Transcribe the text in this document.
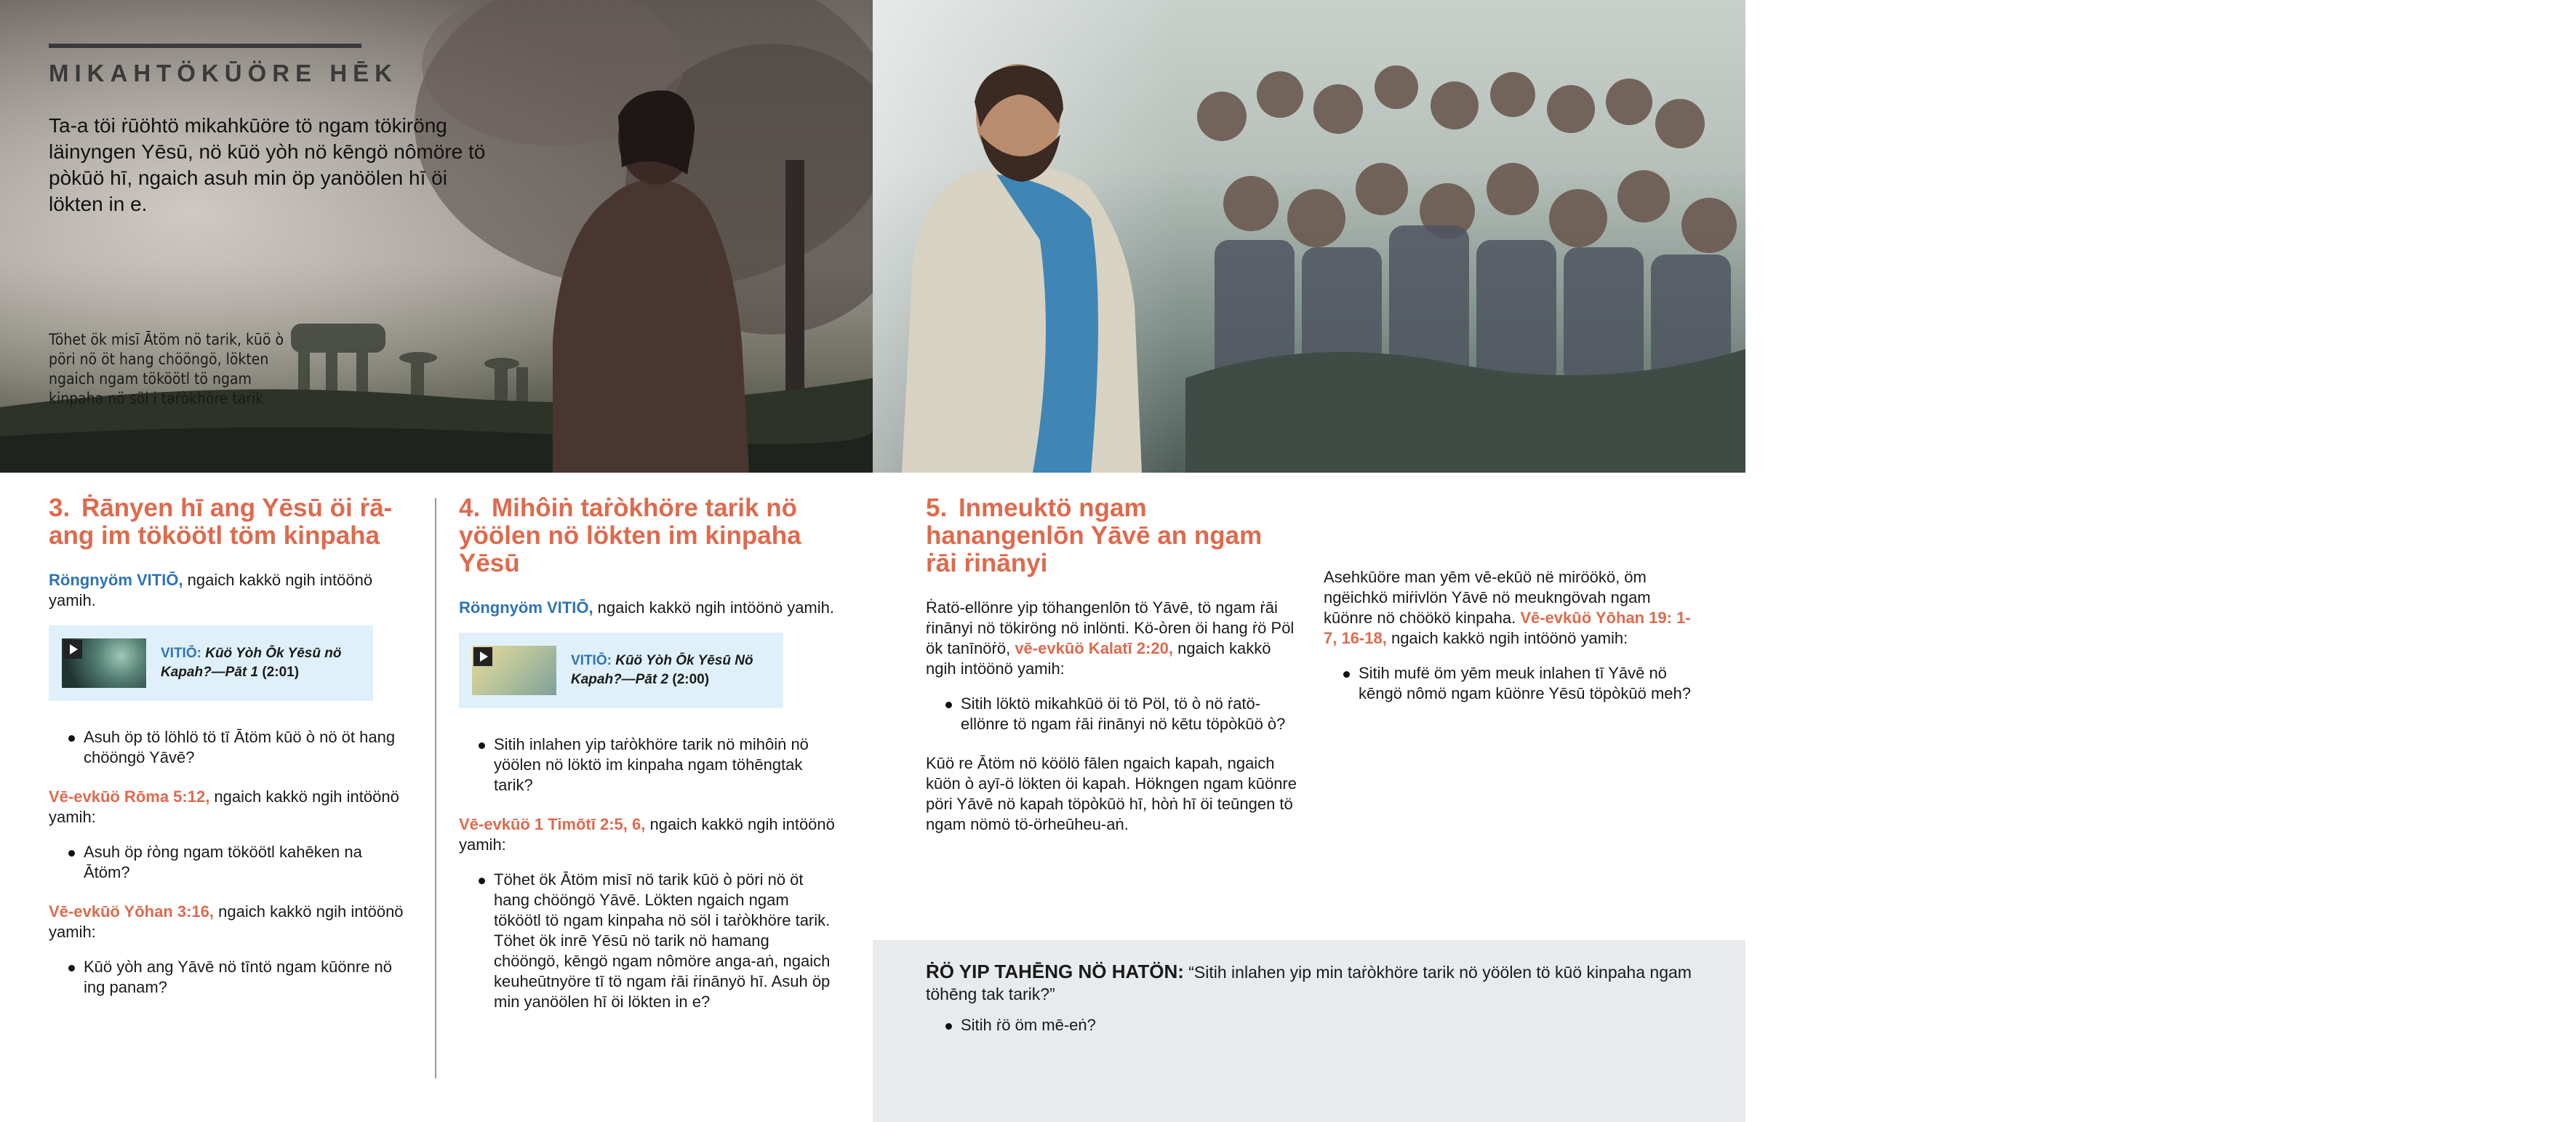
MIKAHTÖKŪÖRE HĒK
Ta-a töi ṙūöhtö mikahkūöre tö ngam tökiröng läinyngen Yēsū, nö kūö yòh nö kēngö nômöre tö pòkūö hī, ngaich asuh min öp yanöölen hī öi lökten in e.
Töhet ök misī Ātöm nö tarik, kūö ò pöri nö öt hang chööngö, lökten ngaich ngam tököötl tö ngam kinpaha nö söl i taṙòkhöre tarik
Töhet ök Yēsū misī nö tarik, hamang chööngö ngam Tēv inrē. Lökten yip taṙòkhöre tarik nö mihôiṅ nö hetlöre hēk mihôiṅ nö örheūheu nö aṅ yēn hang chööngö Yāvē
3. Ṙānyen hī ang Yēsū öi ṙā-ang im tököötl töm kinpaha

Röngnyöm VITIŌ, ngaich kakkö ngih intöönö yamih.

VITIŌ: Kūö Yòh Ōk Yēsū nö Kapah?—Pāt 1 (2:01)
Asuh öp tö löhlö tö tī Ātöm kūö ò nö öt hang chööngö Yāvē?

Vē-evkūö Rōma 5:12, ngaich kakkö ngih intöönö yamih:

Asuh öp ṙòng ngam tököötl kahēken na Ātöm?

Vē-evkūö Yōhan 3:16, ngaich kakkö ngih intöönö yamih:

Kūö yòh ang Yāvē nö tīntö ngam kūönre nö ing panam?
4. Mihôiṅ taṙòkhöre tarik nö yöölen nö lökten im kinpaha Yēsū

Röngnyöm VITIŌ, ngaich kakkö ngih intöönö yamih.

VITIŌ: Kūö Yòh Ōk Yēsū Nö Kapah?—Pāt 2 (2:00)
Sitih inlahen yip taṙòkhöre tarik nö mihôiṅ nö yöölen nö löktö im kinpaha ngam töhēngtak tarik?

Vē-evkūö 1 Timōtī 2:5, 6, ngaich kakkö ngih intöönö yamih:

Töhet ök Ātöm misī nö tarik kūö ò pöri nö öt hang chööngö Yāvē. Lökten ngaich ngam tököötl tö ngam kinpaha nö söl i taṙòkhöre tarik. Töhet ök inrē Yēsū nö tarik nö hamang chööngö, kēngö ngam nômöre anga-aṅ, ngaich keuheūtnyöre tī tö ngam ṙāi ṙinānyö hī. Asuh öp min yanöölen hī öi lökten in e?
5. Inmeuktö ngam hanangenlōn Yāvē an ngam ṙāi ṙinānyi

Ṙatö-ellönre yip töhangenlōn tö Yāvē, tö ngam ṙāi ṙinānyi nö tökiröng nö inlönti. Kö-òren öi hang ṙö Pöl ök tanīnöṙö, vē-evkūö Kalatī 2:20, ngaich kakkö ngih intöönö yamih:

Sitih löktö mikahkūö öi tö Pöl, tö ò nö ṙatö-ellönre tö ngam ṙāi ṙinānyi nö kētu töpòkūö ò?

Kūö re Ātöm nö köölö fālen ngaich kapah, ngaich kūön ò ayī-ö lökten öi kapah. Hökngen ngam kūönre pöri Yāvē nö kapah töpòkūö hī, hòṅ hī öi teūngen tö ngam nömö tö-örheūheu-aṅ.

Asehkūöre man yēm vē-ekūö në miröökö, öm ngëichkö miṙivlön Yāvē nö meukngövah ngam kūönre nö chöökö kinpaha. Vē-evkūö Yōhan 19: 1-7, 16-18, ngaich kakkö ngih intöönö yamih:

Sitih mufë öm yēm meuk inlahen tī Yāvē nö kēngö nômö ngam kūönre Yēsū töpòkūö meh?

ṘÖ YIP TAHĒNG NÖ HATÖN: “Sitih inlahen yip min taṙòkhöre tarik nö yöölen tö kūö kinpaha ngam töhēng tak tarik?”

Sitih ṙö öm mē-eṅ?
